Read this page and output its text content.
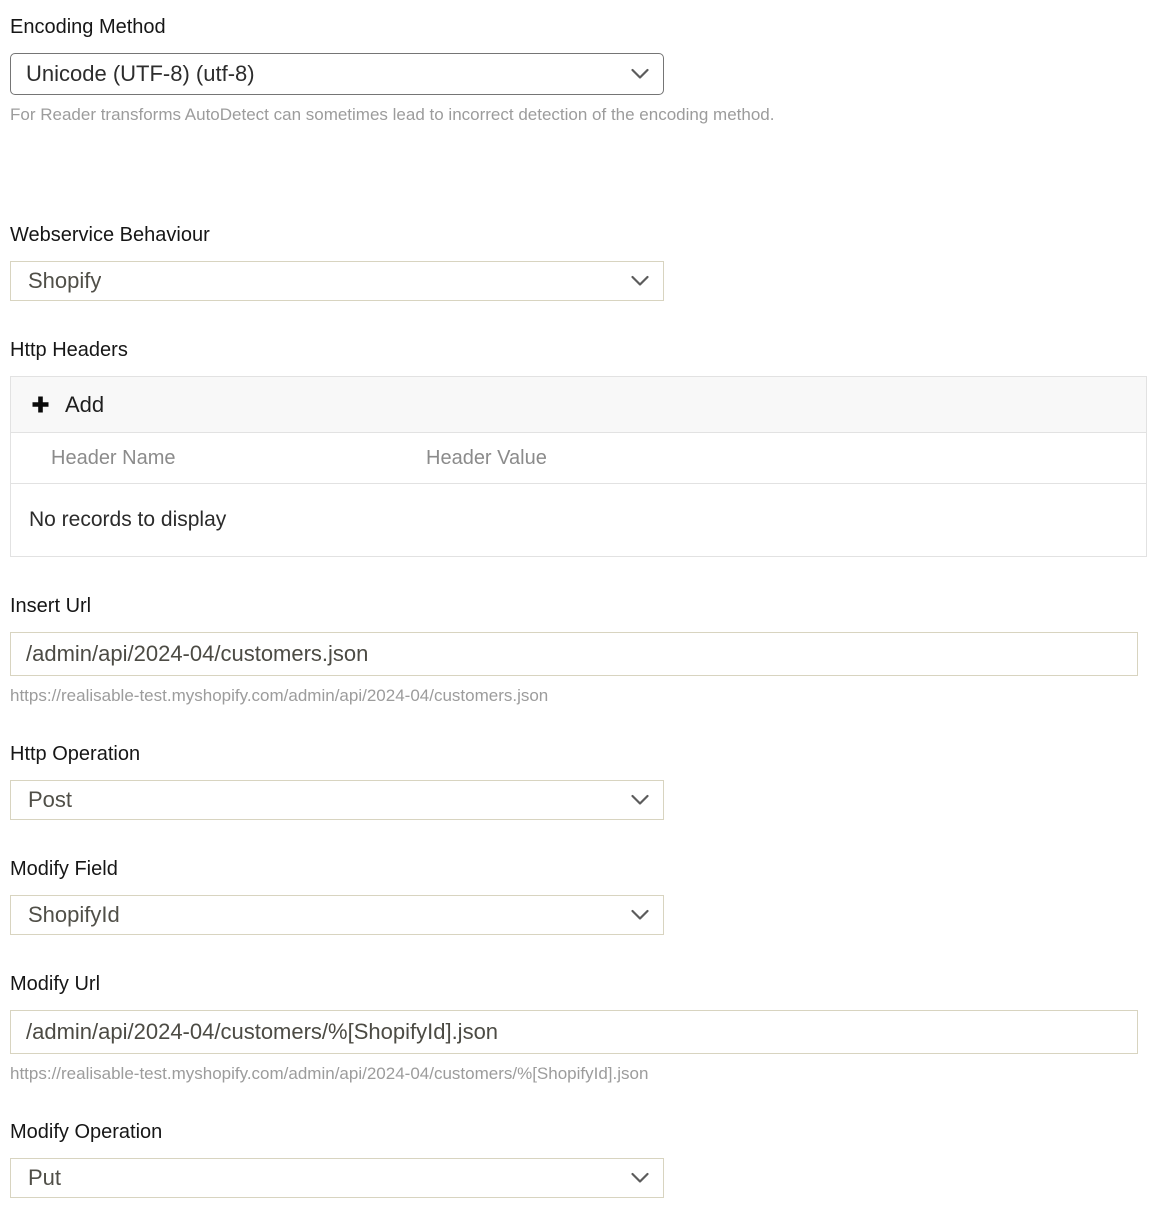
Encoding Method
Unicode (UTF-8) (utf-8)
For Reader transforms AutoDetect can sometimes lead to incorrect detection of the encoding method.
Webservice Behaviour
Shopify
Http Headers
Add
Header Name	Header Value
No records to display
Insert Url
/admin/api/2024-04/customers.json
https://realisable-test.myshopify.com/admin/api/2024-04/customers.json
Http Operation
Post
Modify Field
ShopifyId
Modify Url
/admin/api/2024-04/customers/%[ShopifyId].json
https://realisable-test.myshopify.com/admin/api/2024-04/customers/%[ShopifyId].json
Modify Operation
Put
